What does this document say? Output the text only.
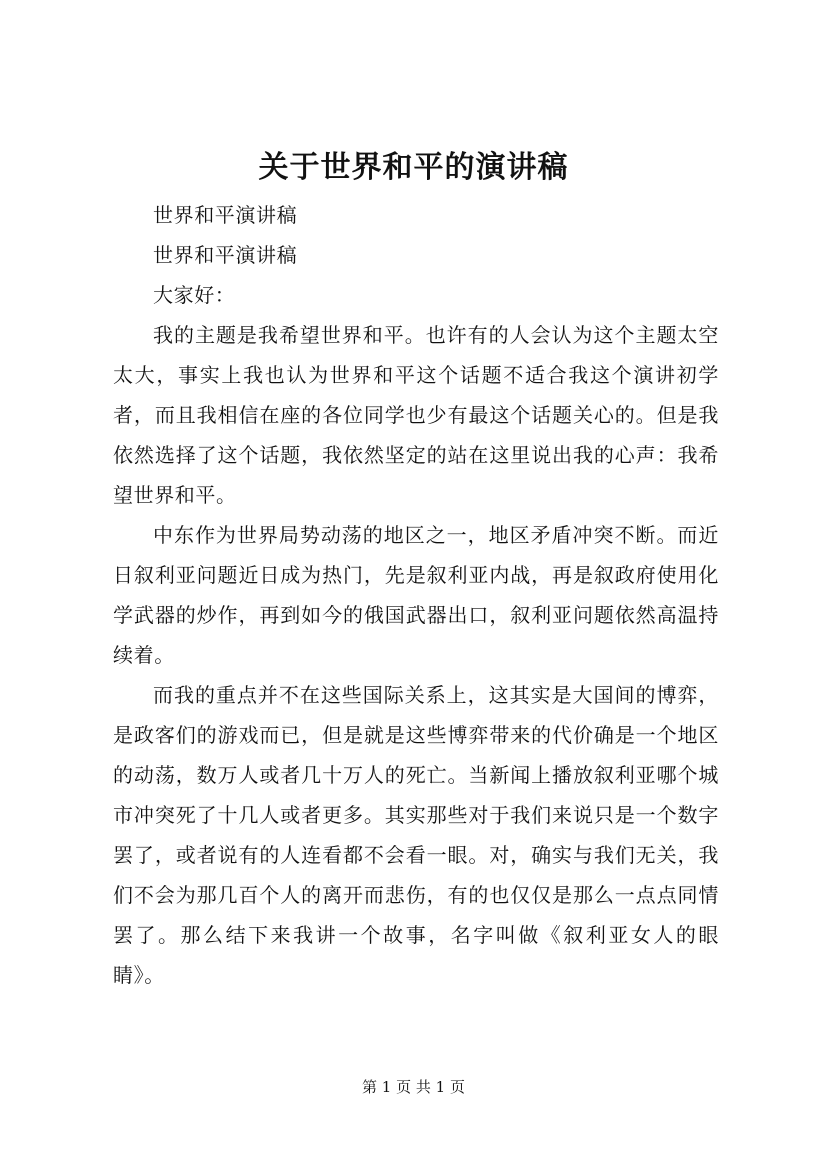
关于世界和平的演讲稿

世界和平演讲稿

世界和平演讲稿

大家好：

我的主题是我希望世界和平。也许有的人会认为这个主题太空太大，事实上我也认为世界和平这个话题不适合我这个演讲初学者，而且我相信在座的各位同学也少有最这个话题关心的。但是我依然选择了这个话题，我依然坚定的站在这里说出我的心声：我希望世界和平。

中东作为世界局势动荡的地区之一，地区矛盾冲突不断。而近日叙利亚问题近日成为热门，先是叙利亚内战，再是叙政府使用化学武器的炒作，再到如今的俄国武器出口，叙利亚问题依然高温持续着。

而我的重点并不在这些国际关系上，这其实是大国间的博弈，是政客们的游戏而已，但是就是这些博弈带来的代价确是一个地区的动荡，数万人或者几十万人的死亡。当新闻上播放叙利亚哪个城市冲突死了十几人或者更多。其实那些对于我们来说只是一个数字罢了，或者说有的人连看都不会看一眼。对，确实与我们无关，我们不会为那几百个人的离开而悲伤，有的也仅仅是那么一点点同情罢了。那么结下来我讲一个故事，名字叫做《叙利亚女人的眼睛》。

第 1 页 共 1 页
